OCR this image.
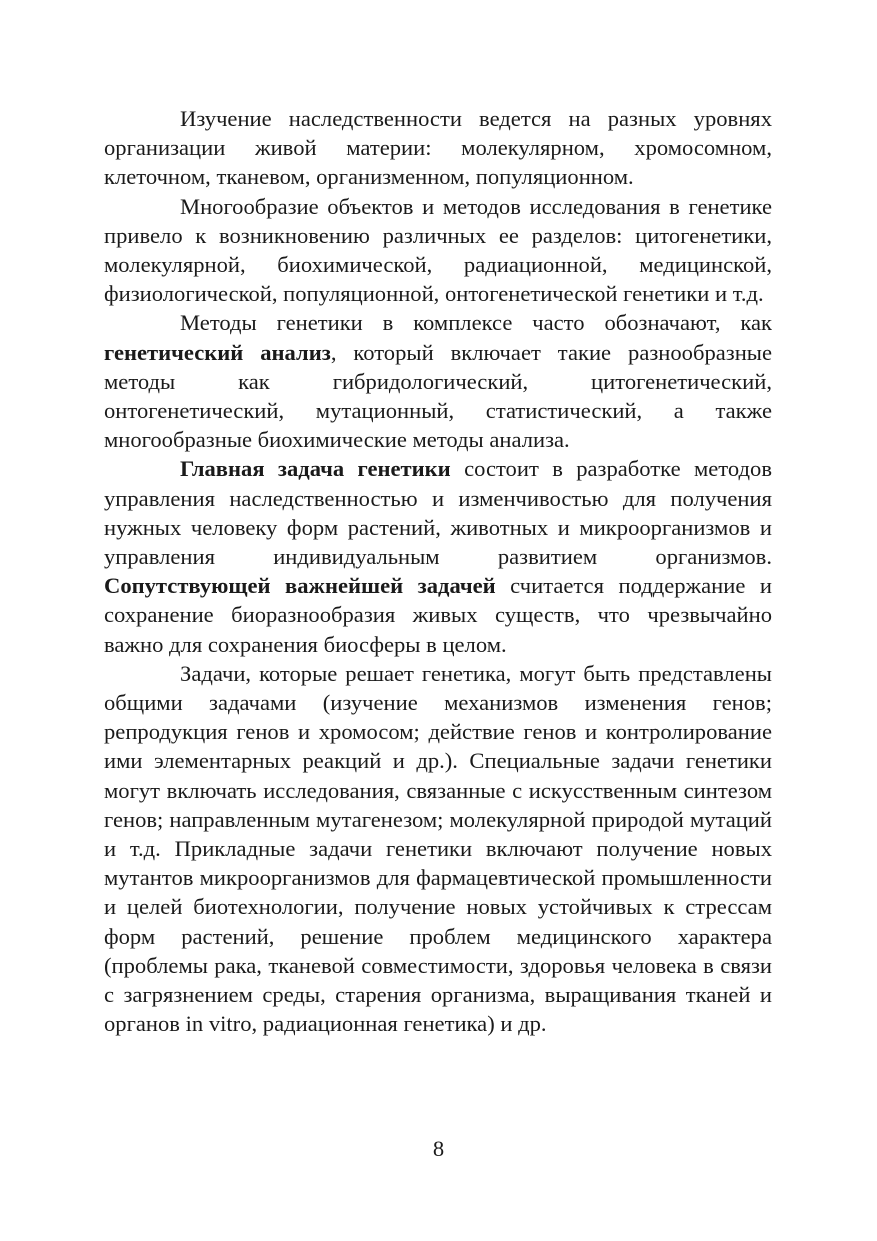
Изучение наследственности ведется на разных уровнях организации живой материи: молекулярном, хромосомном, клеточном, тканевом, организменном, популяционном.

Многообразие объектов и методов исследования в генетике привело к возникновению различных ее разделов: цитогенетики, молекулярной, биохимической, радиационной, медицинской, физиологической, популяционной, онтогенетической генетики и т.д.

Методы генетики в комплексе часто обозначают, как генетический анализ, который включает такие разнообразные методы как гибридологический, цитогенетический, онтогенетический, мутационный, статистический, а также многообразные биохимические методы анализа.

Главная задача генетики состоит в разработке методов управления наследственностью и изменчивостью для получения нужных человеку форм растений, животных и микроорганизмов и управления индивидуальным развитием организмов. Сопутствующей важнейшей задачей считается поддержание и сохранение биоразнообразия живых существ, что чрезвычайно важно для сохранения биосферы в целом.

Задачи, которые решает генетика, могут быть представлены общими задачами (изучение механизмов изменения генов; репродукция генов и хромосом; действие генов и контролирование ими элементарных реакций и др.). Специальные задачи генетики могут включать исследования, связанные с искусственным синтезом генов; направленным мутагенезом; молекулярной природой мутаций и т.д. Прикладные задачи генетики включают получение новых мутантов микроорганизмов для фармацевтической промышленности и целей биотехнологии, получение новых устойчивых к стрессам форм растений, решение проблем медицинского характера (проблемы рака, тканевой совместимости, здоровья человека в связи с загрязнением среды, старения организма, выращивания тканей и органов in vitro, радиационная генетика) и др.

8
